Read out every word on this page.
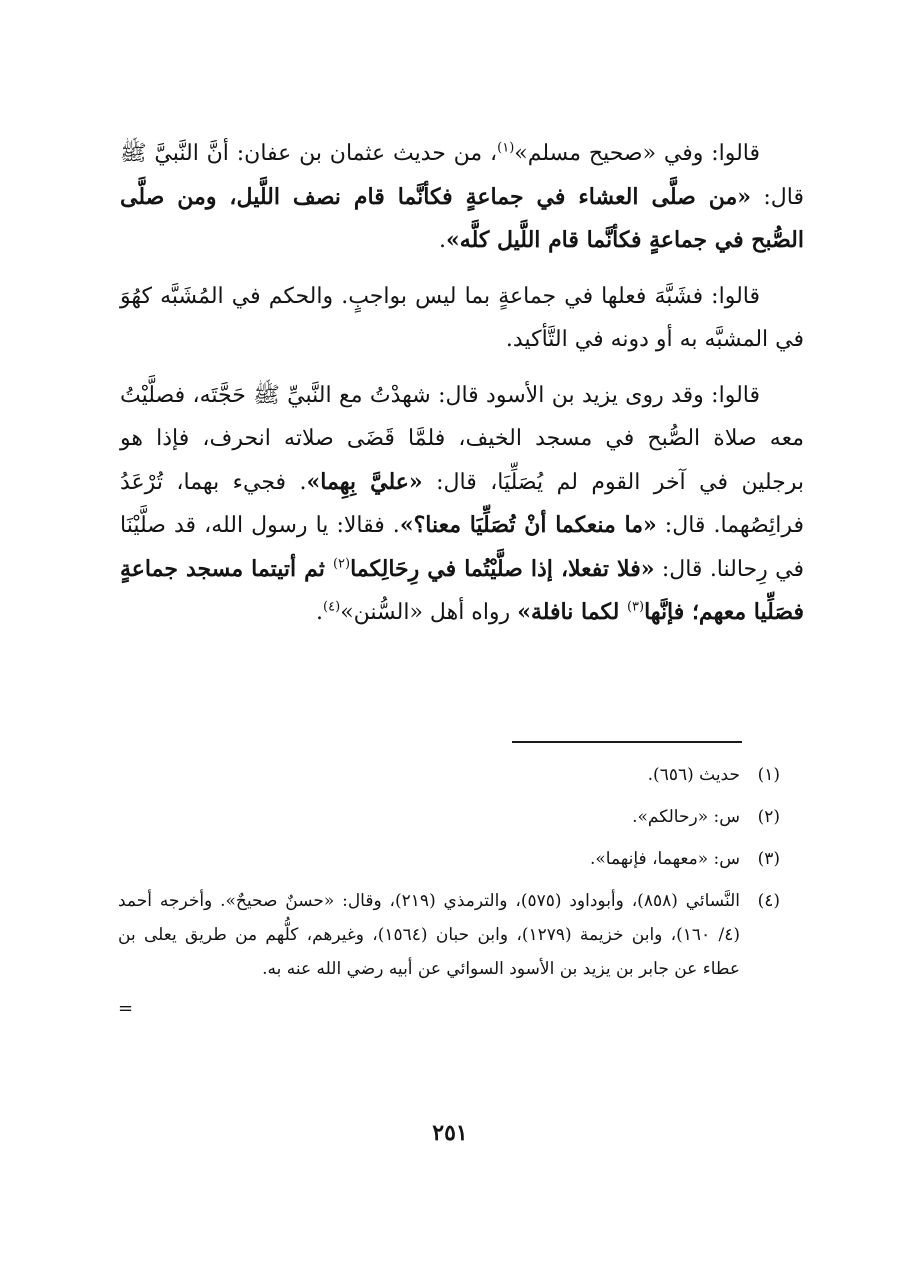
قالوا: وفي «صحيح مسلم»$^{(١)}$، من حديث عثمان بن عفان: أنَّ النَّبيَّ ﷺ قال: «من صلَّى العشاء في جماعةٍ فكأنَّما قام نصف اللَّيل، ومن صلَّى الصُّبح في جماعةٍ فكأنَّما قام اللَّيل كلَّه».

قالوا: فشَبَّهَ فعلها في جماعةٍ بما ليس بواجبٍ. والحكم في المُشَبَّه كهُوَ في المشبَّه به أو دونه في التَّأكيد.

قالوا: وقد روى يزيد بن الأسود قال: شهدْتُ مع النَّبيِّ ﷺ حَجَّتَه، فصلَّيْتُ معه صلاة الصُّبح في مسجد الخيف، فلمَّا قَضَى صلاته انحرف، فإذا هو برجلين في آخر القوم لم يُصَلِّيَا، قال: «عليَّ بِهِما». فجيء بهما، تُرْعَدُ فرائِصُهما. قال: «ما منعكما أنْ تُصَلِّيَا معنا؟». فقالا: يا رسول الله، قد صلَّيْنَا في رِحالنا. قال: «فلا تفعلا، إذا صلَّيْتُما في رِحَالِكما$^{(٢)}$ ثم أتيتما مسجد جماعةٍ فصَلِّيا معهم؛ فإنَّها$^{(٣)}$ لكما نافلة» رواه أهل «السُّنن»$^{(٤)}$.

(١)
حديث (٦٥٦).
(٢)
س: «رحالكم».
(٣)
س: «معهما، فإنهما».
(٤)
النَّسائي (٨٥٨)، وأبوداود (٥٧٥)، والترمذي (٢١٩)، وقال: «حسنٌ صحيحٌ». وأخرجه أحمد (٤/ ١٦٠)، وابن خزيمة (١٢٧٩)، وابن حبان (١٥٦٤)، وغيرهم، كلُّهم من طريق يعلى بن عطاء عن جابر بن يزيد بن الأسود السوائي عن أبيه رضي الله عنه به.
=
٢٥١
